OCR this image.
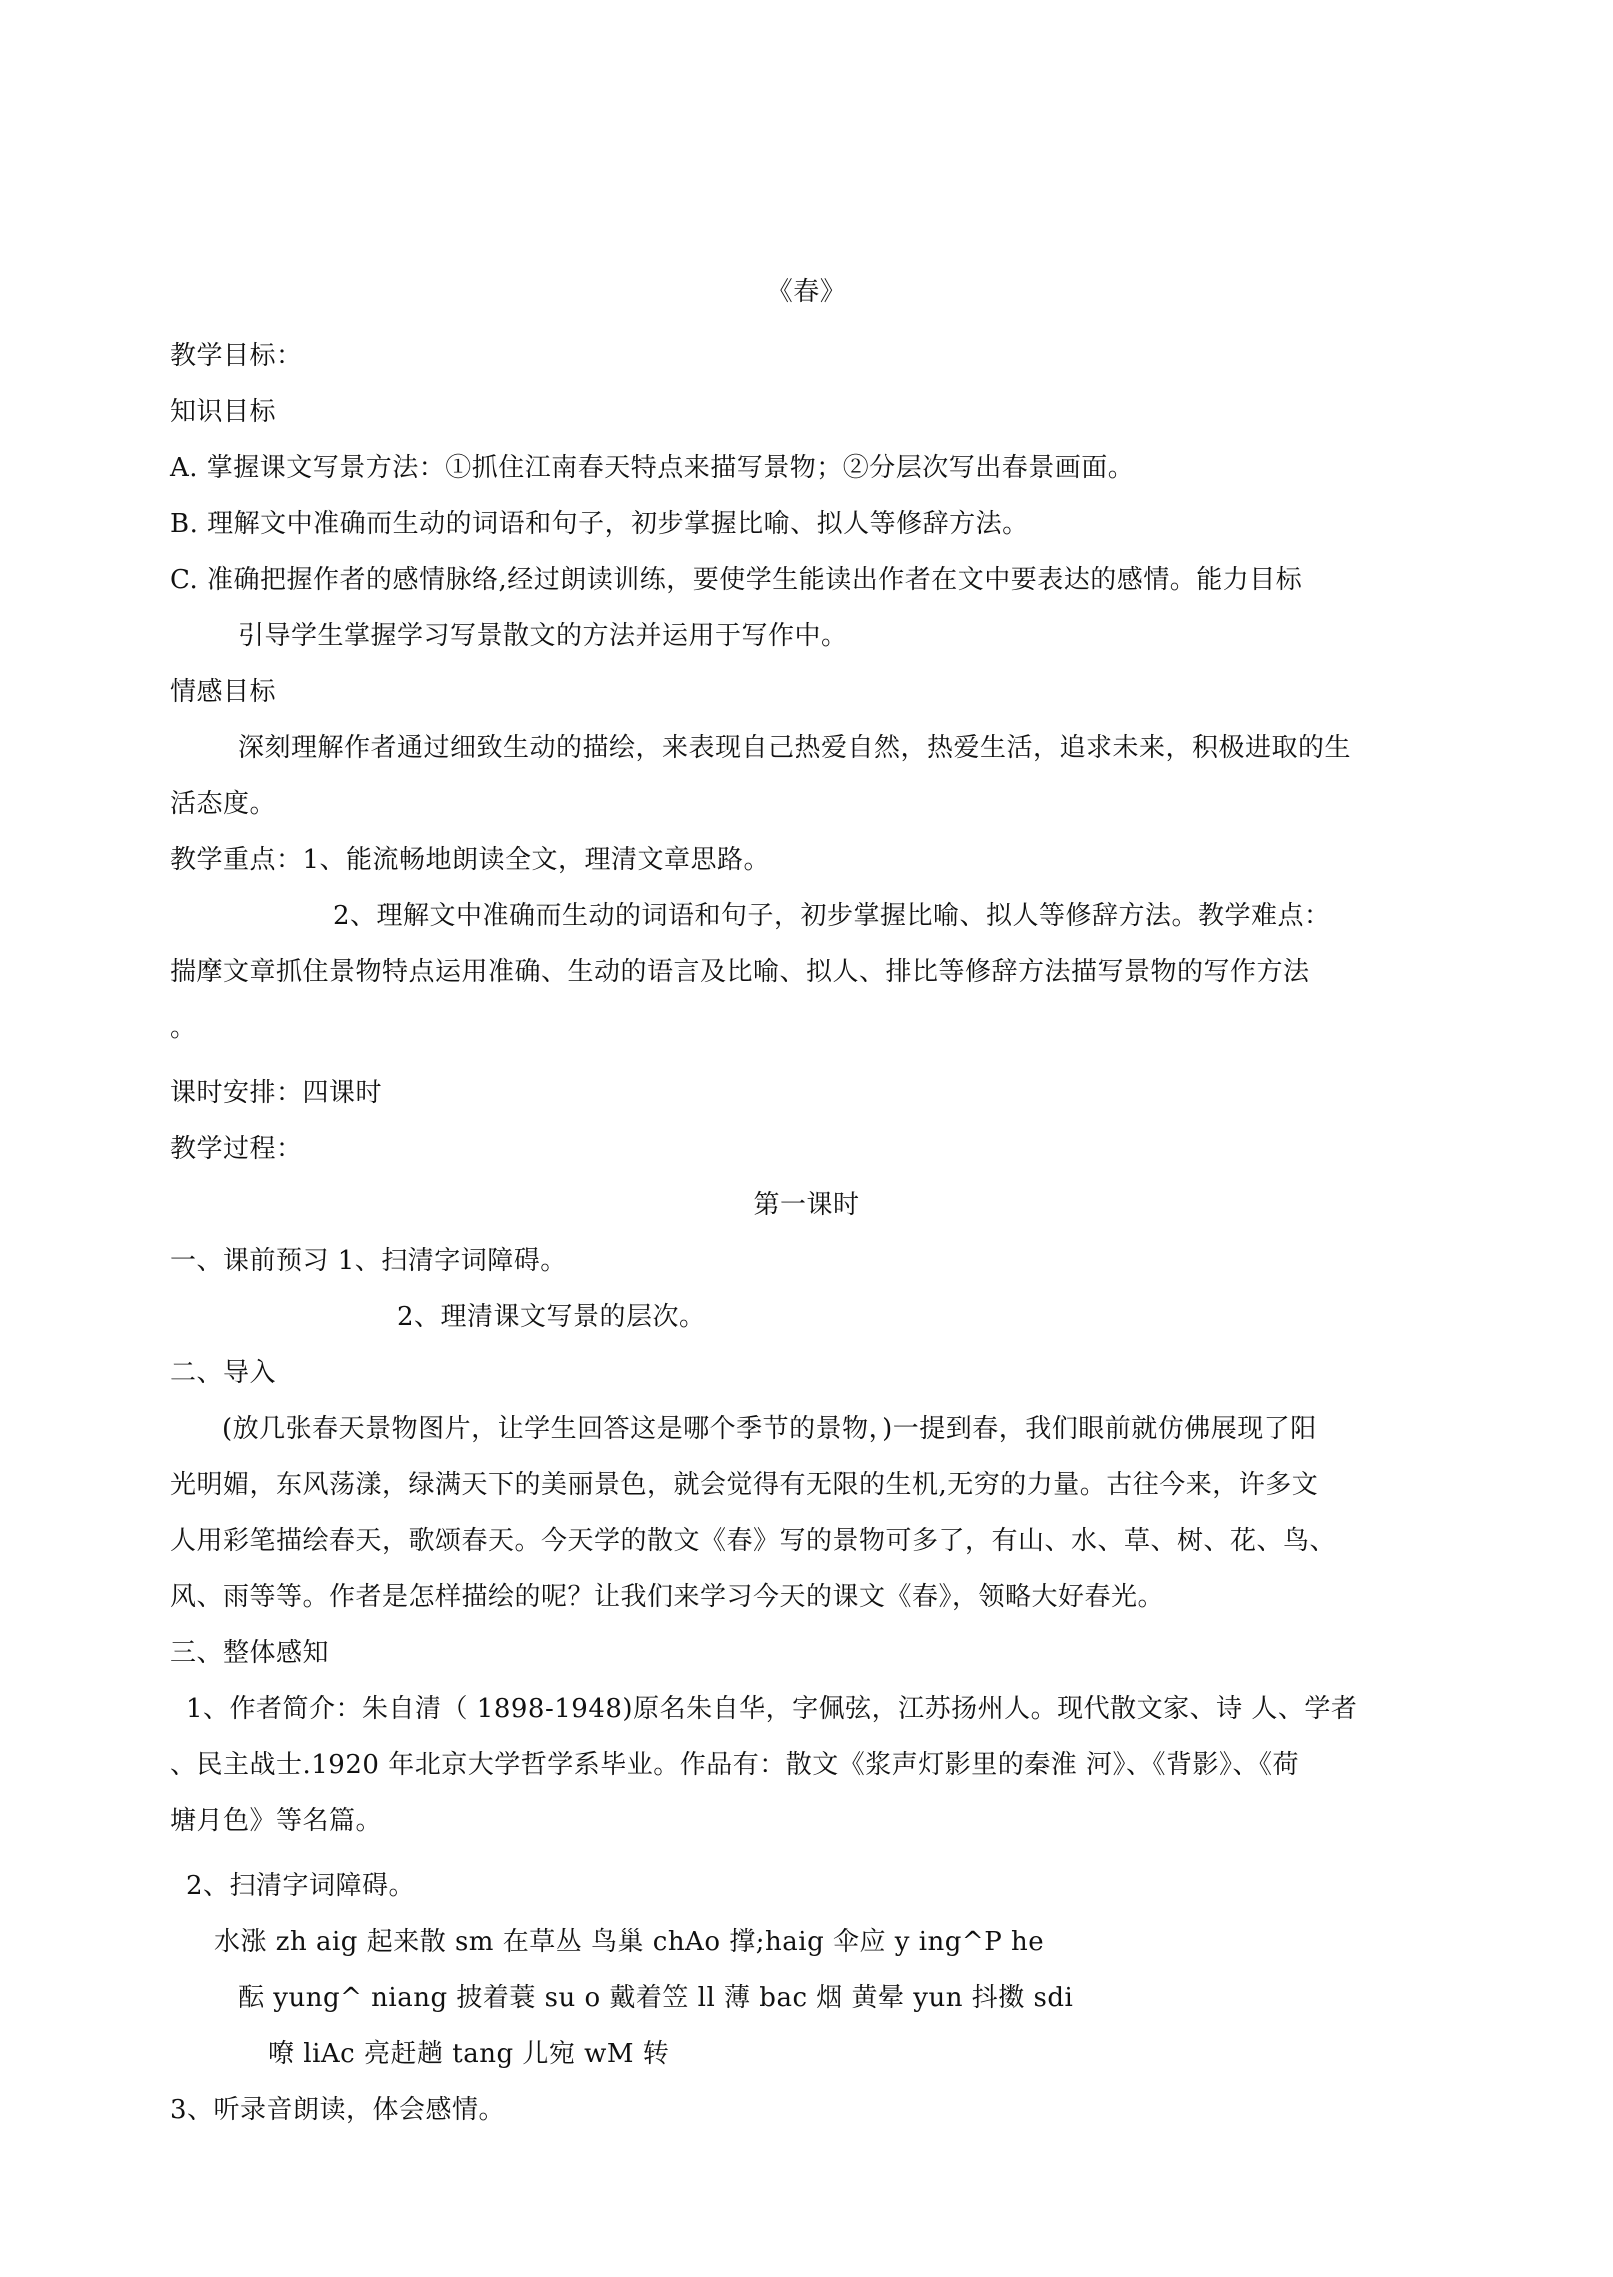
《春》
教学目标：
知识目标
A. 掌握课文写景方法：①抓住江南春天特点来描写景物；②分层次写出春景画面。
B. 理解文中准确而生动的词语和句子，初步掌握比喻、拟人等修辞方法。
C. 准确把握作者的感情脉络,经过朗读训练，要使学生能读出作者在文中要表达的感情。能力目标
引导学生掌握学习写景散文的方法并运用于写作中。
情感目标
深刻理解作者通过细致生动的描绘，来表现自己热爱自然，热爱生活，追求未来，积极进取的生
活态度。
教学重点：1、能流畅地朗读全文，理清文章思路。
2、理解文中准确而生动的词语和句子，初步掌握比喻、拟人等修辞方法。教学难点：
揣摩文章抓住景物特点运用准确、生动的语言及比喻、拟人、排比等修辞方法描写景物的写作方法
。
课时安排：四课时
教学过程：
第一课时
一、课前预习 1、扫清字词障碍。
2、理清课文写景的层次。
二、导入
(放几张春天景物图片，让学生回答这是哪个季节的景物，)一提到春，我们眼前就仿佛展现了阳
光明媚，东风荡漾，绿满天下的美丽景色，就会觉得有无限的生机,无穷的力量。古往今来，许多文
人用彩笔描绘春天，歌颂春天。今天学的散文《春》写的景物可多了，有山、水、草、树、花、鸟、
风、雨等等。作者是怎样描绘的呢？让我们来学习今天的课文《春》，领略大好春光。
三、整体感知
1、作者简介：朱自清（ 1898-1948)原名朱自华，字佩弦，江苏扬州人。现代散文家、诗 人、学者
、民主战士.1920 年北京大学哲学系毕业。作品有：散文《浆声灯影里的秦淮 河》、《背影》、《荷
塘月色》等名篇。
2、扫清字词障碍。
水涨 zh aig 起来散 sm 在草丛 鸟巢 chAo 撑;haig 伞应 y ing^P he
酝 yung^ niang 披着蓑 su o 戴着笠 ll 薄 bac 烟 黄晕 yun 抖擞 sdi
嘹 liAc 亮赶趟 tang 儿宛 wM 转
3、听录音朗读，体会感情。
